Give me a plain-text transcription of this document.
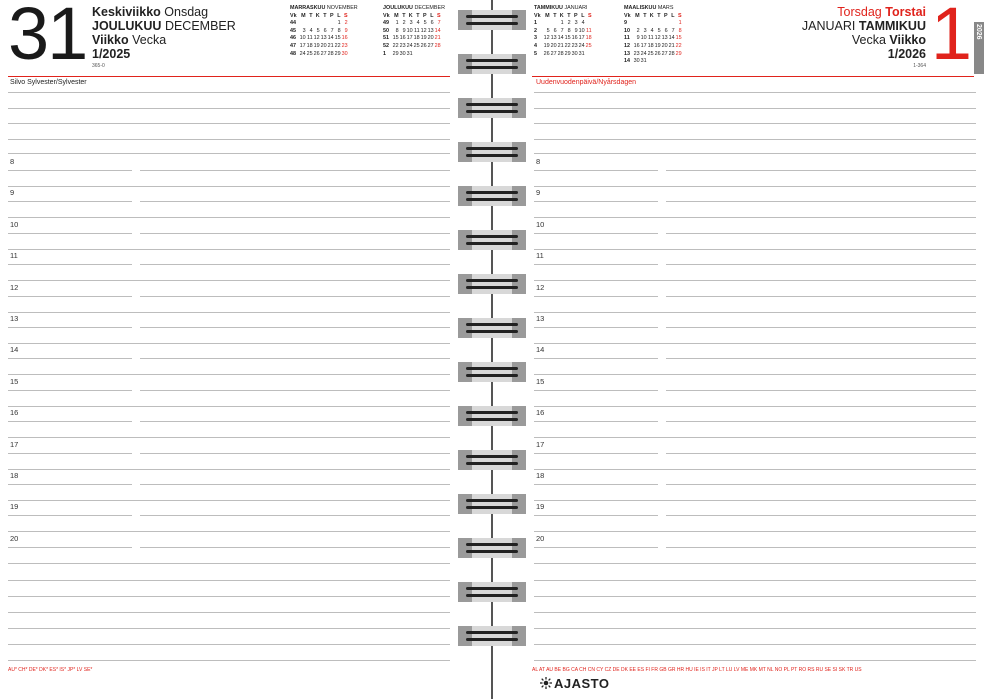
31 Keskiviikko Onsdag
JOULUKUU DECEMBER
Viikko Vecka
1/2025
365-0
MARRASKUU NOVEMBER
Vk	M	T	K	T	P	L	S
44						1	2
45	3	4	5	6	7	8	9
46	10	11	12	13	14	15	16
47	17	18	19	20	21	22	23
48	24	25	26	27	28	29	30
JOULUKUU DECEMBER
Vk	M	T	K	T	P	L	S
49	1	2	3	4	5	6	7
50	8	9	10	11	12	13	14
51	15	16	17	18	19	20	21
52	22	23	24	25	26	27	28
1	29	30	31				
Silvo Sylvester/Sylvester
AU* CH* DE* DK* ES* IS* JP* LV SE*
8
9
10
11
12
13
14
15
16
17
18
19
20
1
Torsdag Torstai
JANUARI TAMMIKUU
Vecka Viikko
1/2026
1-364
TAMMIKUU JANUARI
Vk	M	T	K	T	P	L	S
1			1	2	3	4	
2	5	6	7	8	9	10	11
3	12	13	14	15	16	17	18
4	19	20	21	22	23	24	25
5	26	27	28	29	30	31	
MAALISKUU MARS
Vk	M	T	K	T	P	L	S
9							1
10	2	3	4	5	6	7	8
11	9	10	11	12	13	14	15
12	16	17	18	19	20	21	22
13	23	24	25	26	27	28	29
14	30	31					
Uudenvuodenpäivä/Nyårsdagen
AL AT AU BE BG CA CH CN CY CZ DE DK EE ES FI FR GB GR HR HU IE IS IT JP LT LU LV ME MK MT NL NO PL PT RO RS RU SE SI SK TR US
8
9
10
11
12
13
14
15
16
17
18
19
20
AJASTO
2026
